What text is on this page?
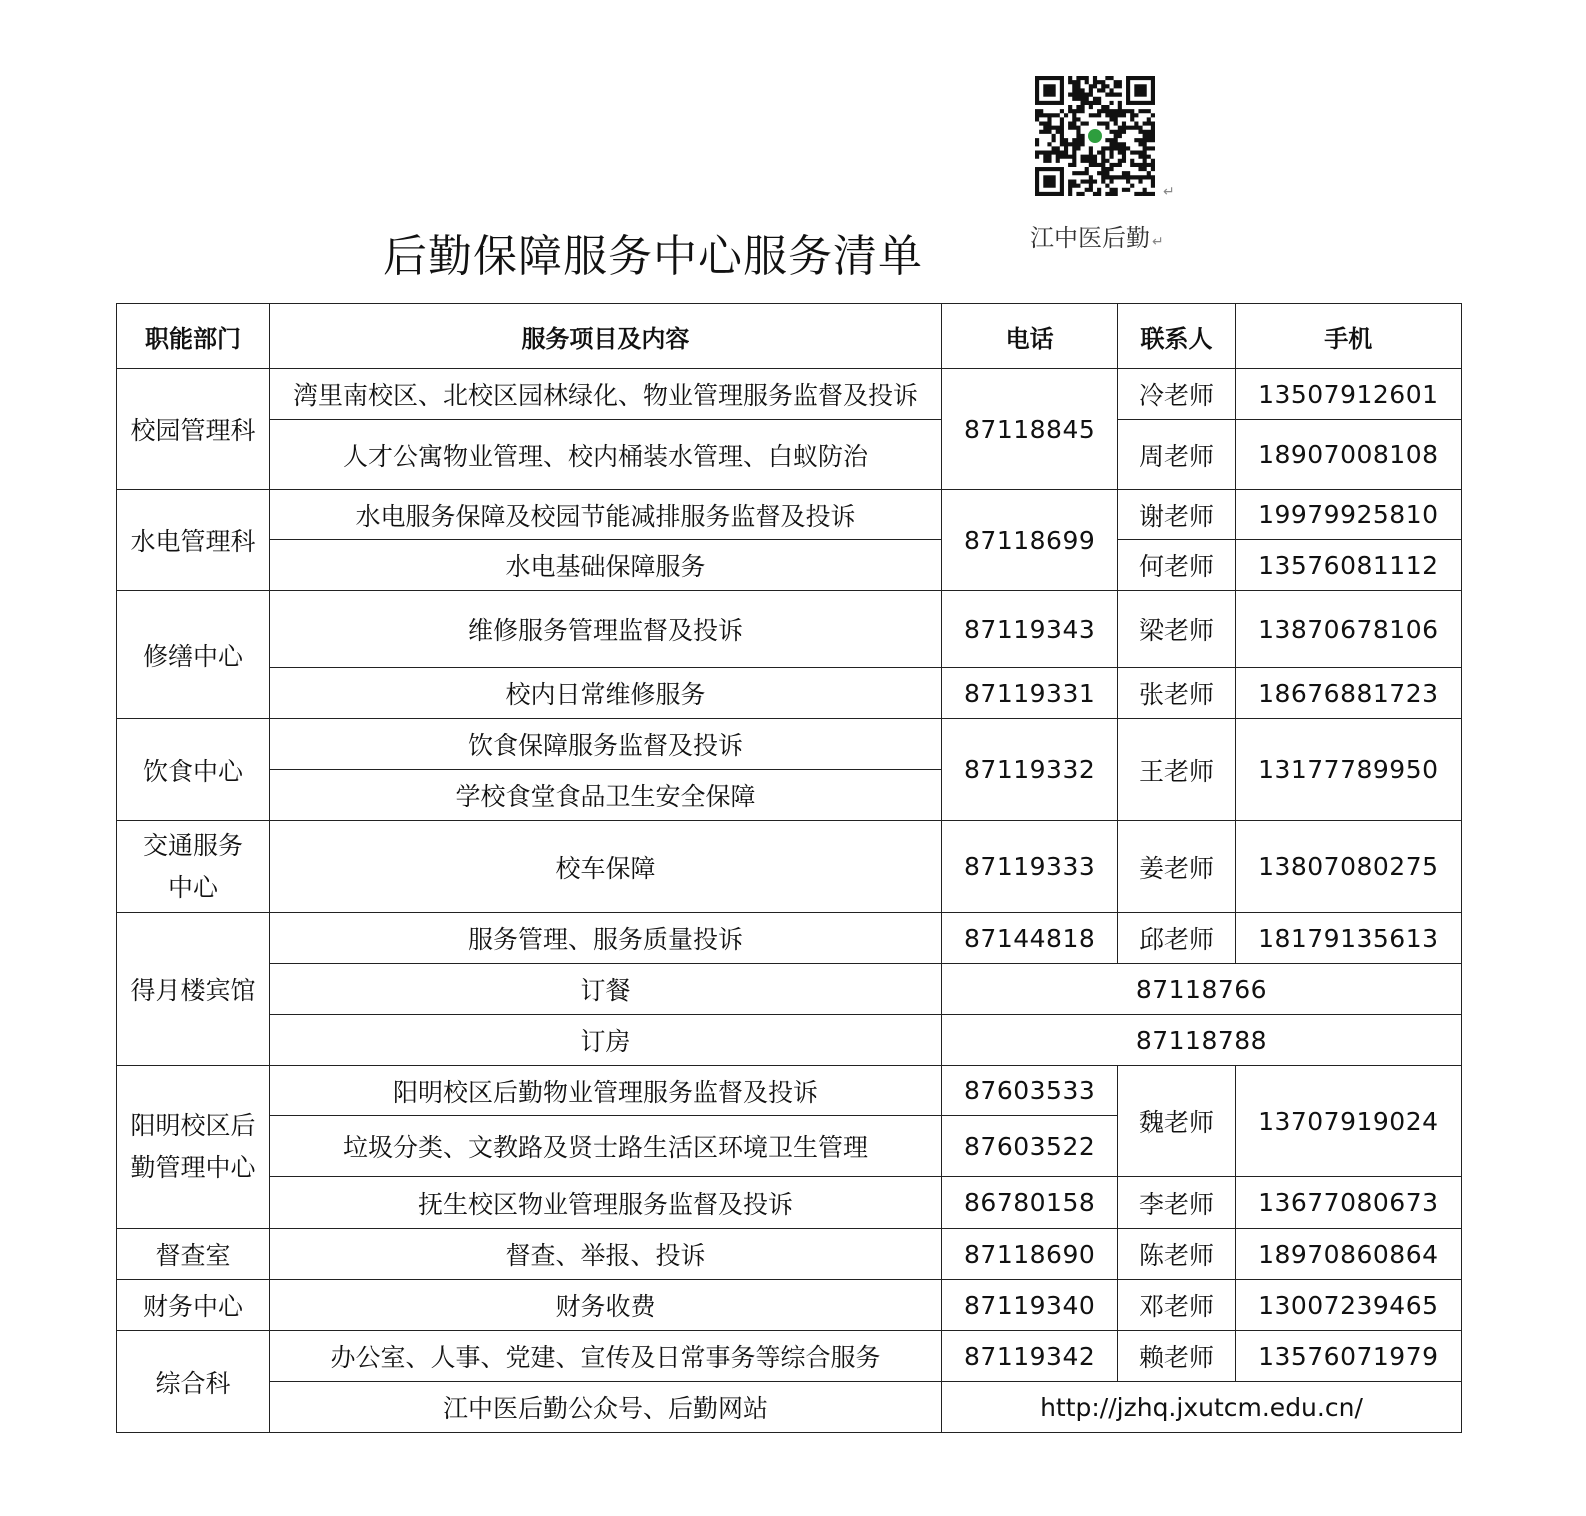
后勤保障服务中心服务清单
↵
江中医后勤 ↵
职能部门	服务项目及内容	电话	联系人	手机
校园管理科	湾里南校区、北校区园林绿化、物业管理服务监督及投诉	87118845	冷老师	13507912601
	人才公寓物业管理、校内桶装水管理、白蚁防治		周老师	18907008108
水电管理科	水电服务保障及校园节能减排服务监督及投诉	87118699	谢老师	19979925810
	水电基础保障服务		何老师	13576081112
修缮中心	维修服务管理监督及投诉	87119343	梁老师	13870678106
	校内日常维修服务	87119331	张老师	18676881723
饮食中心	饮食保障服务监督及投诉	87119332	王老师	13177789950
	学校食堂食品卫生安全保障			
交通服务
中心	校车保障	87119333	姜老师	13807080275
得月楼宾馆	服务管理、服务质量投诉	87144818	邱老师	18179135613
	订餐	87118766		
	订房	87118788		
阳明校区后
勤管理中心	阳明校区后勤物业管理服务监督及投诉	87603533	魏老师	13707919024
	垃圾分类、文教路及贤士路生活区环境卫生管理	87603522		
	抚生校区物业管理服务监督及投诉	86780158	李老师	13677080673
督查室	督查、举报、投诉	87118690	陈老师	18970860864
财务中心	财务收费	87119340	邓老师	13007239465
综合科	办公室、人事、党建、宣传及日常事务等综合服务	87119342	赖老师	13576071979
	江中医后勤公众号、后勤网站	http://jzhq.jxutcm.edu.cn/		
